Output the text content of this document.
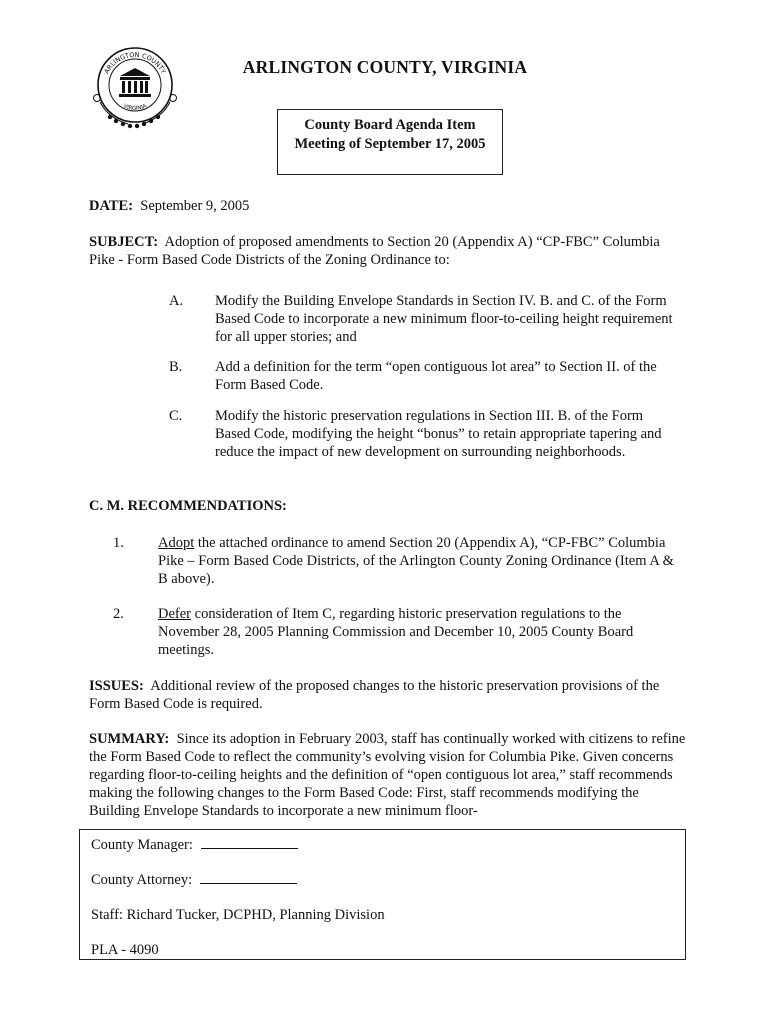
ARLINGTON COUNTY
VIRGINIA
ARLINGTON COUNTY, VIRGINIA
County Board Agenda Item
Meeting of September 17, 2005
DATE: September 9, 2005
SUBJECT: Adoption of proposed amendments to Section 20 (Appendix A) “CP-FBC” Columbia Pike - Form Based Code Districts of the Zoning Ordinance to:
A. Modify the Building Envelope Standards in Section IV. B. and C. of the Form Based Code to incorporate a new minimum floor-to-ceiling height requirement for all upper stories; and
B. Add a definition for the term “open contiguous lot area” to Section II. of the Form Based Code.
C. Modify the historic preservation regulations in Section III. B. of the Form Based Code, modifying the height “bonus” to retain appropriate tapering and reduce the impact of new development on surrounding neighborhoods.
C. M. RECOMMENDATIONS:
1. Adopt the attached ordinance to amend Section 20 (Appendix A), “CP-FBC” Columbia Pike – Form Based Code Districts, of the Arlington County Zoning Ordinance (Item A & B above).
2. Defer consideration of Item C, regarding historic preservation regulations to the November 28, 2005 Planning Commission and December 10, 2005 County Board meetings.
ISSUES: Additional review of the proposed changes to the historic preservation provisions of the Form Based Code is required.
SUMMARY: Since its adoption in February 2003, staff has continually worked with citizens to refine the Form Based Code to reflect the community’s evolving vision for Columbia Pike. Given concerns regarding floor-to-ceiling heights and the definition of “open contiguous lot area,” staff recommends making the following changes to the Form Based Code: First, staff recommends modifying the Building Envelope Standards to incorporate a new minimum floor-
County Manager:
County Attorney:
Staff: Richard Tucker, DCPHD, Planning Division
PLA - 4090
